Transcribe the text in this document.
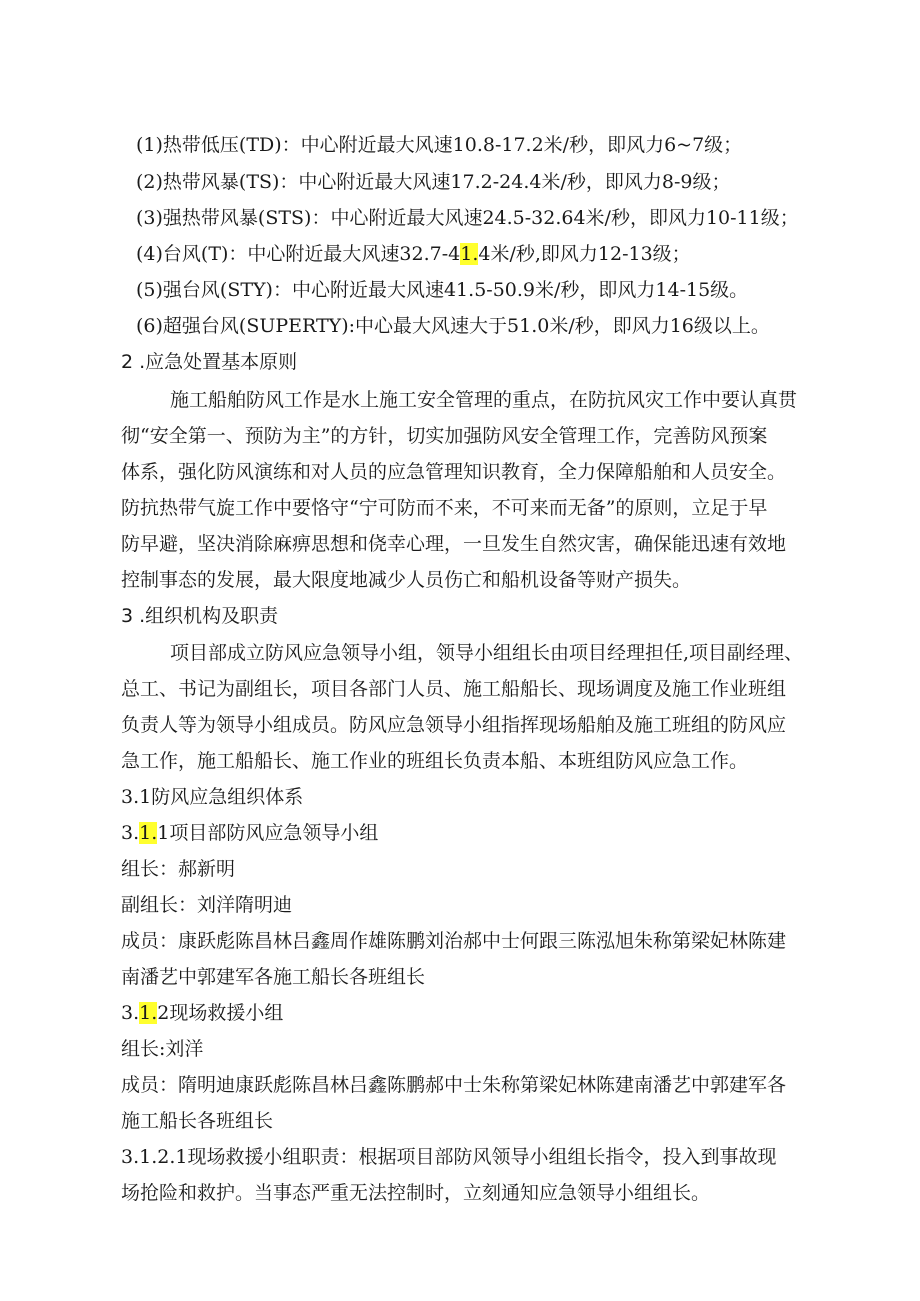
(1)热带低压(TD)：中心附近最大风速10.8-17.2米/秒，即风力6~7级；
(2)热带风暴(TS)：中心附近最大风速17.2-24.4米/秒，即风力8-9级；
(3)强热带风暴(STS)：中心附近最大风速24.5-32.64米/秒，即风力10-11级；
(4)台风(T)：中心附近最大风速32.7-41.4米/秒,即风力12-13级；
(5)强台风(STY)：中心附近最大风速41.5-50.9米/秒，即风力14-15级。
(6)超强台风(SUPERTY):中心最大风速大于51.0米/秒，即风力16级以上。
2 .应急处置基本原则
施工船舶防风工作是水上施工安全管理的重点，在防抗风灾工作中要认真贯
彻“安全第一、预防为主”的方针，切实加强防风安全管理工作，完善防风预案
体系，强化防风演练和对人员的应急管理知识教育，全力保障船舶和人员安全。
防抗热带气旋工作中要恪守“宁可防而不来，不可来而无备”的原则，立足于早
防早避，坚决消除麻痹思想和侥幸心理，一旦发生自然灾害，确保能迅速有效地
控制事态的发展，最大限度地减少人员伤亡和船机设备等财产损失。
3 .组织机构及职责
项目部成立防风应急领导小组，领导小组组长由项目经理担任,项目副经理、
总工、书记为副组长，项目各部门人员、施工船船长、现场调度及施工作业班组
负责人等为领导小组成员。防风应急领导小组指挥现场船舶及施工班组的防风应
急工作，施工船船长、施工作业的班组长负责本船、本班组防风应急工作。
3.1防风应急组织体系
3.1.1项目部防风应急领导小组
组长：郝新明
副组长：刘洋隋明迪
成员：康跃彪陈昌林吕鑫周作雄陈鹏刘治郝中士何跟三陈泓旭朱称第梁妃林陈建
南潘艺中郭建军各施工船长各班组长
3.1.2现场救援小组
组长:刘洋
成员：隋明迪康跃彪陈昌林吕鑫陈鹏郝中士朱称第梁妃林陈建南潘艺中郭建军各
施工船长各班组长
3.1.2.1现场救援小组职责：根据项目部防风领导小组组长指令，投入到事故现
场抢险和救护。当事态严重无法控制时，立刻通知应急领导小组组长。
